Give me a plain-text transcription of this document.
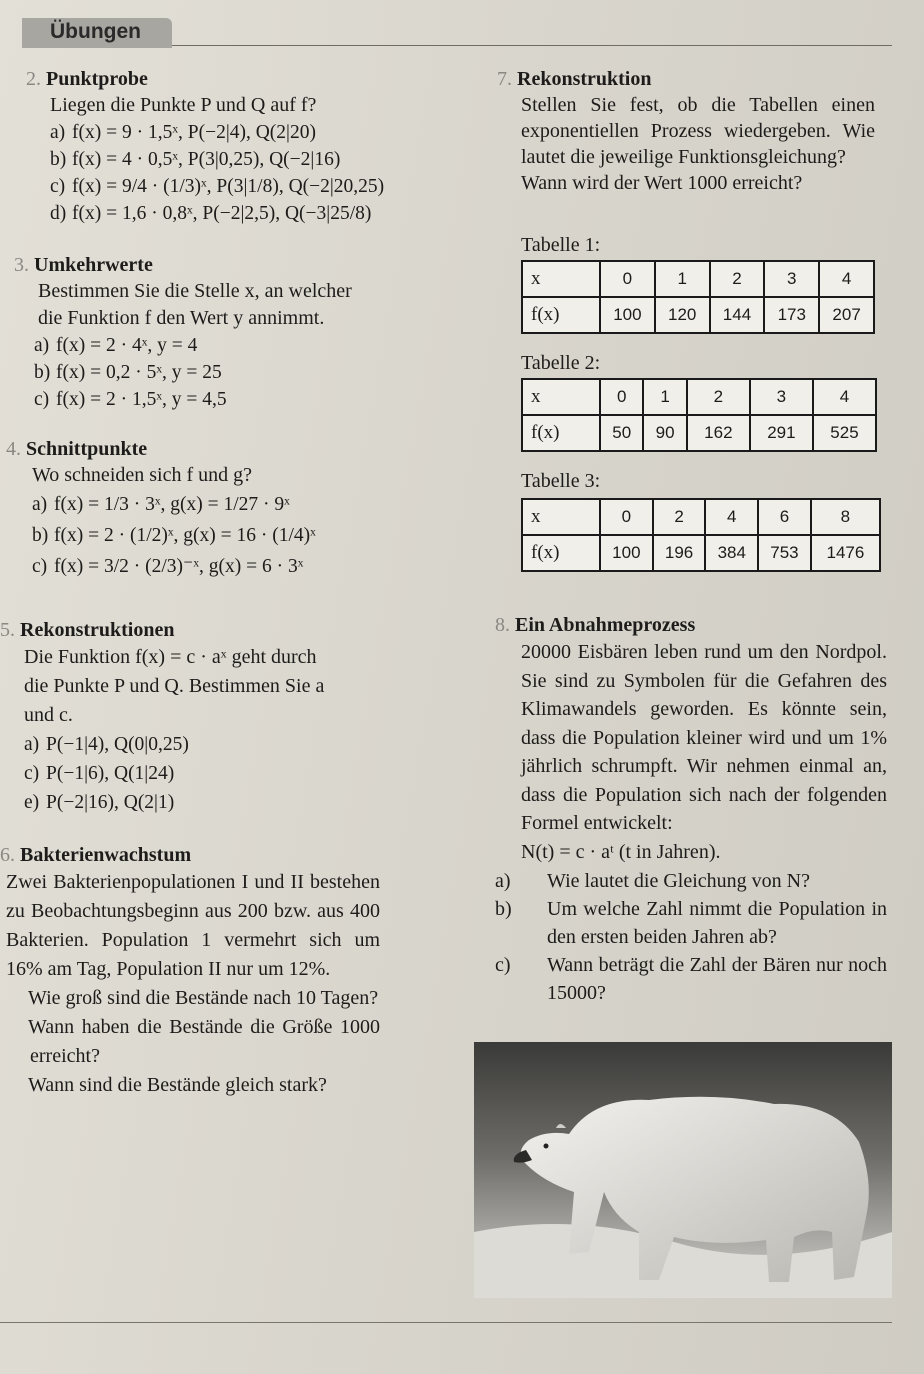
Übungen
2. Punktprobe
Liegen die Punkte P und Q auf f?
a) f(x) = 9 · 1,5ˣ, P(−2|4), Q(2|20)
b) f(x) = 4 · 0,5ˣ, P(3|0,25), Q(−2|16)
c) f(x) = 9/4 · (1/3)ˣ, P(3|1/8), Q(−2|20,25)
d) f(x) = 1,6 · 0,8ˣ, P(−2|2,5), Q(−3|25/8)
3. Umkehrwerte
Bestimmen Sie die Stelle x, an welcher
die Funktion f den Wert y annimmt.
a) f(x) = 2 · 4ˣ, y = 4
b) f(x) = 0,2 · 5ˣ, y = 25
c) f(x) = 2 · 1,5ˣ, y = 4,5
4. Schnittpunkte
Wo schneiden sich f und g?
a) f(x) = 1/3 · 3ˣ, g(x) = 1/27 · 9ˣ
b) f(x) = 2 · (1/2)ˣ, g(x) = 16 · (1/4)ˣ
c) f(x) = 3/2 · (2/3)⁻ˣ, g(x) = 6 · 3ˣ
5. Rekonstruktionen
Die Funktion f(x) = c · aˣ geht durch
die Punkte P und Q. Bestimmen Sie a
und c.
a) P(−1|4), Q(0|0,25)
c) P(−1|6), Q(1|24)
e) P(−2|16), Q(2|1)
6. Bakterienwachstum
Zwei Bakterienpopulationen I und II bestehen zu Beobachtungsbeginn aus 200 bzw. aus 400 Bakterien. Population 1 vermehrt sich um 16% am Tag, Population II nur um 12%.
Wie groß sind die Bestände nach 10 Tagen?
Wann haben die Bestände die Größe 1000 erreicht?
Wann sind die Bestände gleich stark?
7. Rekonstruktion
Stellen Sie fest, ob die Tabellen einen exponentiellen Prozess wiedergeben. Wie lautet die jeweilige Funktionsgleichung?
Wann wird der Wert 1000 erreicht?
Tabelle 1:
x	0	1	2	3	4
f(x)	100	120	144	173	207
Tabelle 2:
x	0	1	2	3	4
f(x)	50	90	162	291	525
Tabelle 3:
x	0	2	4	6	8
f(x)	100	196	384	753	1476
8. Ein Abnahmeprozess
20000 Eisbären leben rund um den Nordpol. Sie sind zu Symbolen für die Gefahren des Klimawandels geworden. Es könnte sein, dass die Population kleiner wird und um 1% jährlich schrumpft. Wir nehmen einmal an, dass die Population sich nach der folgenden Formel entwickelt:
N(t) = c · aᵗ (t in Jahren).
a) Wie lautet die Gleichung von N?
b) Um welche Zahl nimmt die Population in den ersten beiden Jahren ab?
c) Wann beträgt die Zahl der Bären nur noch 15000?
